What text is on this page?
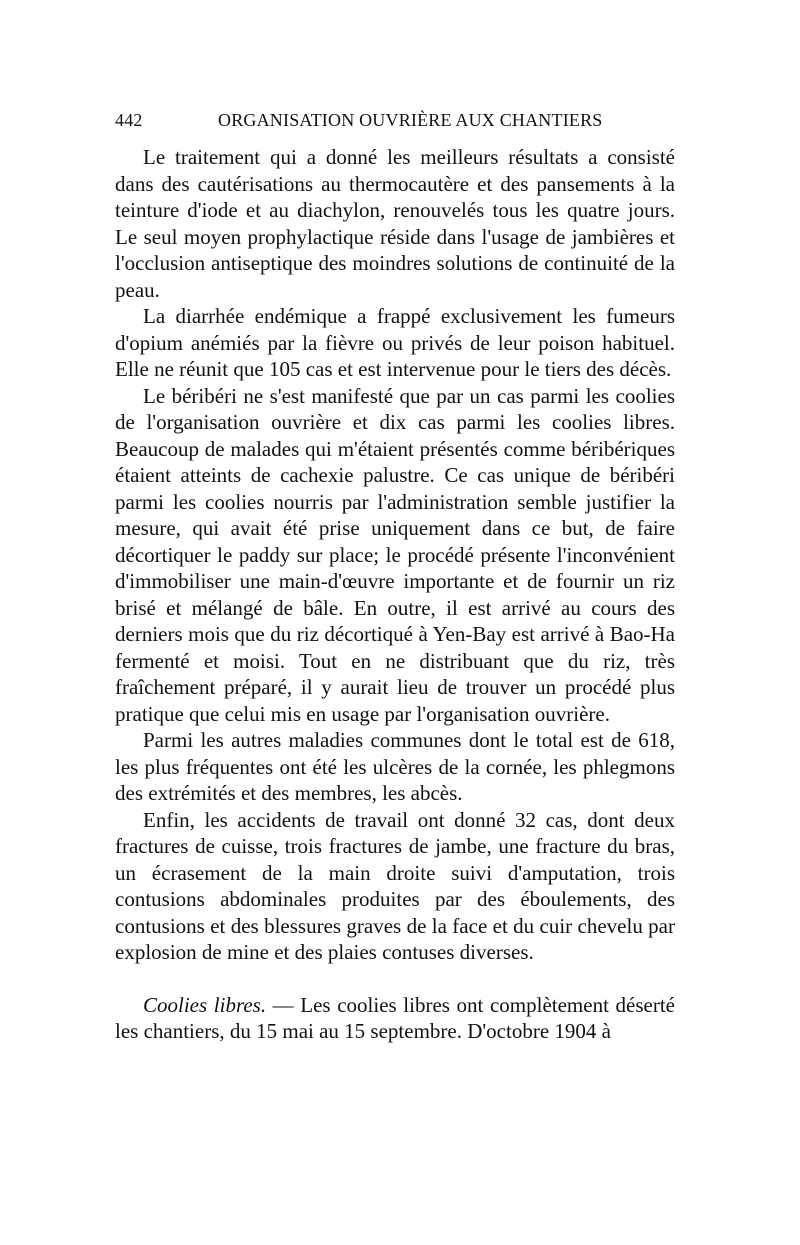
442	ORGANISATION OUVRIÈRE AUX CHANTIERS

Le traitement qui a donné les meilleurs résultats a consisté dans des cautérisations au thermocautère et des pansements à la teinture d'iode et au diachylon, renouvelés tous les quatre jours. Le seul moyen prophylactique réside dans l'usage de jambières et l'occlusion antiseptique des moindres solutions de continuité de la peau.

La diarrhée endémique a frappé exclusivement les fumeurs d'opium anémiés par la fièvre ou privés de leur poison habituel. Elle ne réunit que 105 cas et est intervenue pour le tiers des décès.

Le béribéri ne s'est manifesté que par un cas parmi les coolies de l'organisation ouvrière et dix cas parmi les coolies libres. Beaucoup de malades qui m'étaient présentés comme béribériques étaient atteints de cachexie palustre. Ce cas unique de béribéri parmi les coolies nourris par l'administration semble justifier la mesure, qui avait été prise uniquement dans ce but, de faire décortiquer le paddy sur place; le procédé présente l'inconvénient d'immobiliser une main-d'œuvre importante et de fournir un riz brisé et mélangé de bâle. En outre, il est arrivé au cours des derniers mois que du riz décortiqué à Yen-Bay est arrivé à Bao-Ha fermenté et moisi. Tout en ne distribuant que du riz, très fraîchement préparé, il y aurait lieu de trouver un procédé plus pratique que celui mis en usage par l'organisation ouvrière.

Parmi les autres maladies communes dont le total est de 618, les plus fréquentes ont été les ulcères de la cornée, les phlegmons des extrémités et des membres, les abcès.

Enfin, les accidents de travail ont donné 32 cas, dont deux fractures de cuisse, trois fractures de jambe, une fracture du bras, un écrasement de la main droite suivi d'amputation, trois contusions abdominales produites par des éboulements, des contusions et des blessures graves de la face et du cuir chevelu par explosion de mine et des plaies contuses diverses.

Coolies libres. — Les coolies libres ont complètement déserté les chantiers, du 15 mai au 15 septembre. D'octobre 1904 à
